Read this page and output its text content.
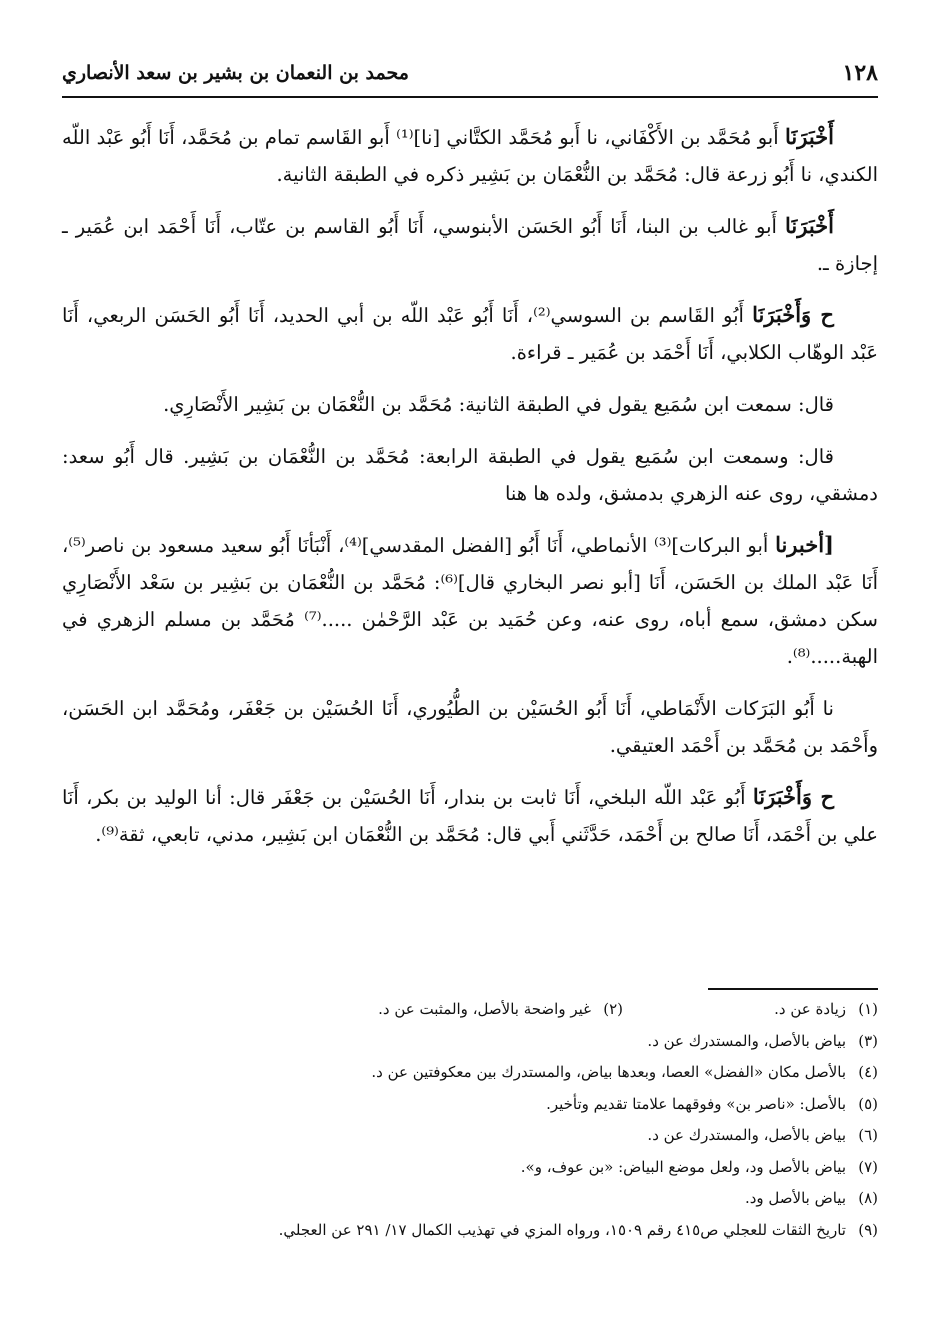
١٢٨
محمد بن النعمان بن بشير بن سعد الأنصاري

أَخْبَرَنَا أَبو مُحَمَّد بن الأَكْفَاني، نا أَبو مُحَمَّد الكتَّاني [نا]⁽¹⁾ أَبو القَاسم تمام بن مُحَمَّد، أَنَا أَبُو عَبْد اللّه الكندي، نا أَبُو زرعة قال: مُحَمَّد بن النُّعْمَان بن بَشِير ذكره في الطبقة الثانية.

أَخْبَرَنَا أَبو غالب بن البنا، أَنَا أَبُو الحَسَن الأبنوسي، أَنَا أَبُو القاسم بن عتّاب، أَنَا أَحْمَد ابن عُمَير ـ إجازة ـ.

ح وَأَخْبَرَنَا أَبُو القَاسم بن السوسي⁽²⁾، أَنَا أَبُو عَبْد اللّه بن أبي الحديد، أَنَا أَبُو الحَسَن الربعي، أَنَا عَبْد الوهّاب الكلابي، أَنَا أَحْمَد بن عُمَير ـ قراءة.

قال: سمعت ابن سُمَيع يقول في الطبقة الثانية: مُحَمَّد بن النُّعْمَان بن بَشِير الأَنْصَارِي.

قال: وسمعت ابن سُمَيع يقول في الطبقة الرابعة: مُحَمَّد بن النُّعْمَان بن بَشِير. قال أَبُو سعد: دمشقي، روى عنه الزهري بدمشق، ولده ها هنا

[أخبرنا أبو البركات]⁽³⁾ الأنماطي، أَنَا أَبُو [الفضل المقدسي]⁽⁴⁾، أَنْبَأنَا أَبُو سعيد مسعود بن ناصر⁽⁵⁾، أَنَا عَبْد الملك بن الحَسَن، أَنَا [أبو نصر البخاري قال]⁽⁶⁾: مُحَمَّد بن النُّعْمَان بن بَشِير بن سَعْد الأَنْصَارِي سكن دمشق، سمع أباه، روى عنه، وعن حُمَيد بن عَبْد الرَّحْمٰن .....⁽⁷⁾ مُحَمَّد بن مسلم الزهري في الهبة.....⁽⁸⁾.

نا أَبُو البَرَكات الأَنْمَاطي، أَنَا أَبُو الحُسَيْن بن الطُّيُوري، أَنَا الحُسَيْن بن جَعْفَر، ومُحَمَّد ابن الحَسَن، وأَحْمَد بن مُحَمَّد بن أَحْمَد العتيقي.

ح وَأَخْبَرَنَا أَبُو عَبْد اللّه البلخي، أَنَا ثابت بن بندار، أَنَا الحُسَيْن بن جَعْفَر قال: أنا الوليد بن بكر، أَنَا علي بن أَحْمَد، أَنَا صالح بن أَحْمَد، حَدَّثَني أَبي قال: مُحَمَّد بن النُّعْمَان ابن بَشِير، مدني، تابعي، ثقة⁽⁹⁾.

(١)
زيادة عن د.
(٢)
غير واضحة بالأصل، والمثبت عن د.
(٣)
بياض بالأصل، والمستدرك عن د.
(٤)
بالأصل مكان «الفضل» العصا، وبعدها بياض، والمستدرك بين معكوفتين عن د.
(٥)
بالأصل: «ناصر بن» وفوقهما علامتا تقديم وتأخير.
(٦)
بياض بالأصل، والمستدرك عن د.
(٧)
بياض بالأصل ود، ولعل موضع البياض: «بن عوف، و».
(٨)
بياض بالأصل ود.
(٩)
تاريخ الثقات للعجلي ص٤١٥ رقم ١٥٠٩، ورواه المزي في تهذيب الكمال ١٧/ ٢٩١ عن العجلي.
